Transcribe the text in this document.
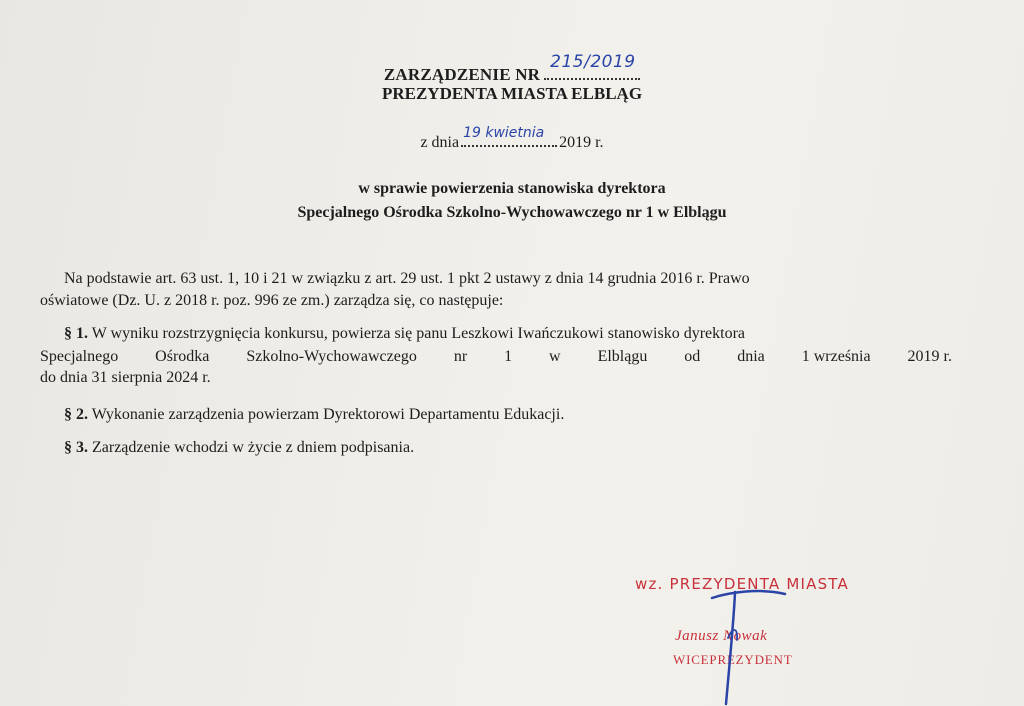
ZARZĄDZENIE NR
215/2019
PREZYDENTA MIASTA ELBLĄG
z dnia
19 kwietnia
2019 r.
w sprawie powierzenia stanowiska dyrektora
Specjalnego Ośrodka Szkolno-Wychowawczego nr 1 w Elblągu
Na podstawie art. 63 ust. 1, 10 i 21 w związku z art. 29 ust. 1 pkt 2 ustawy z dnia 14 grudnia 2016 r. Prawo
oświatowe (Dz. U. z 2018 r. poz. 996 ze zm.) zarządza się, co następuje:
§ 1. W wyniku rozstrzygnięcia konkursu, powierza się panu Leszkowi Iwańczukowi stanowisko dyrektora
Specjalnego Ośrodka Szkolno-Wychowawczego nr 1 w Elblągu od dnia 1 września 2019 r.
do dnia 31 sierpnia 2024 r.
§ 2. Wykonanie zarządzenia powierzam Dyrektorowi Departamentu Edukacji.
§ 3. Zarządzenie wchodzi w życie z dniem podpisania.
wz. PREZYDENTA MIASTA
Janusz Nowak
WICEPREZYDENT
